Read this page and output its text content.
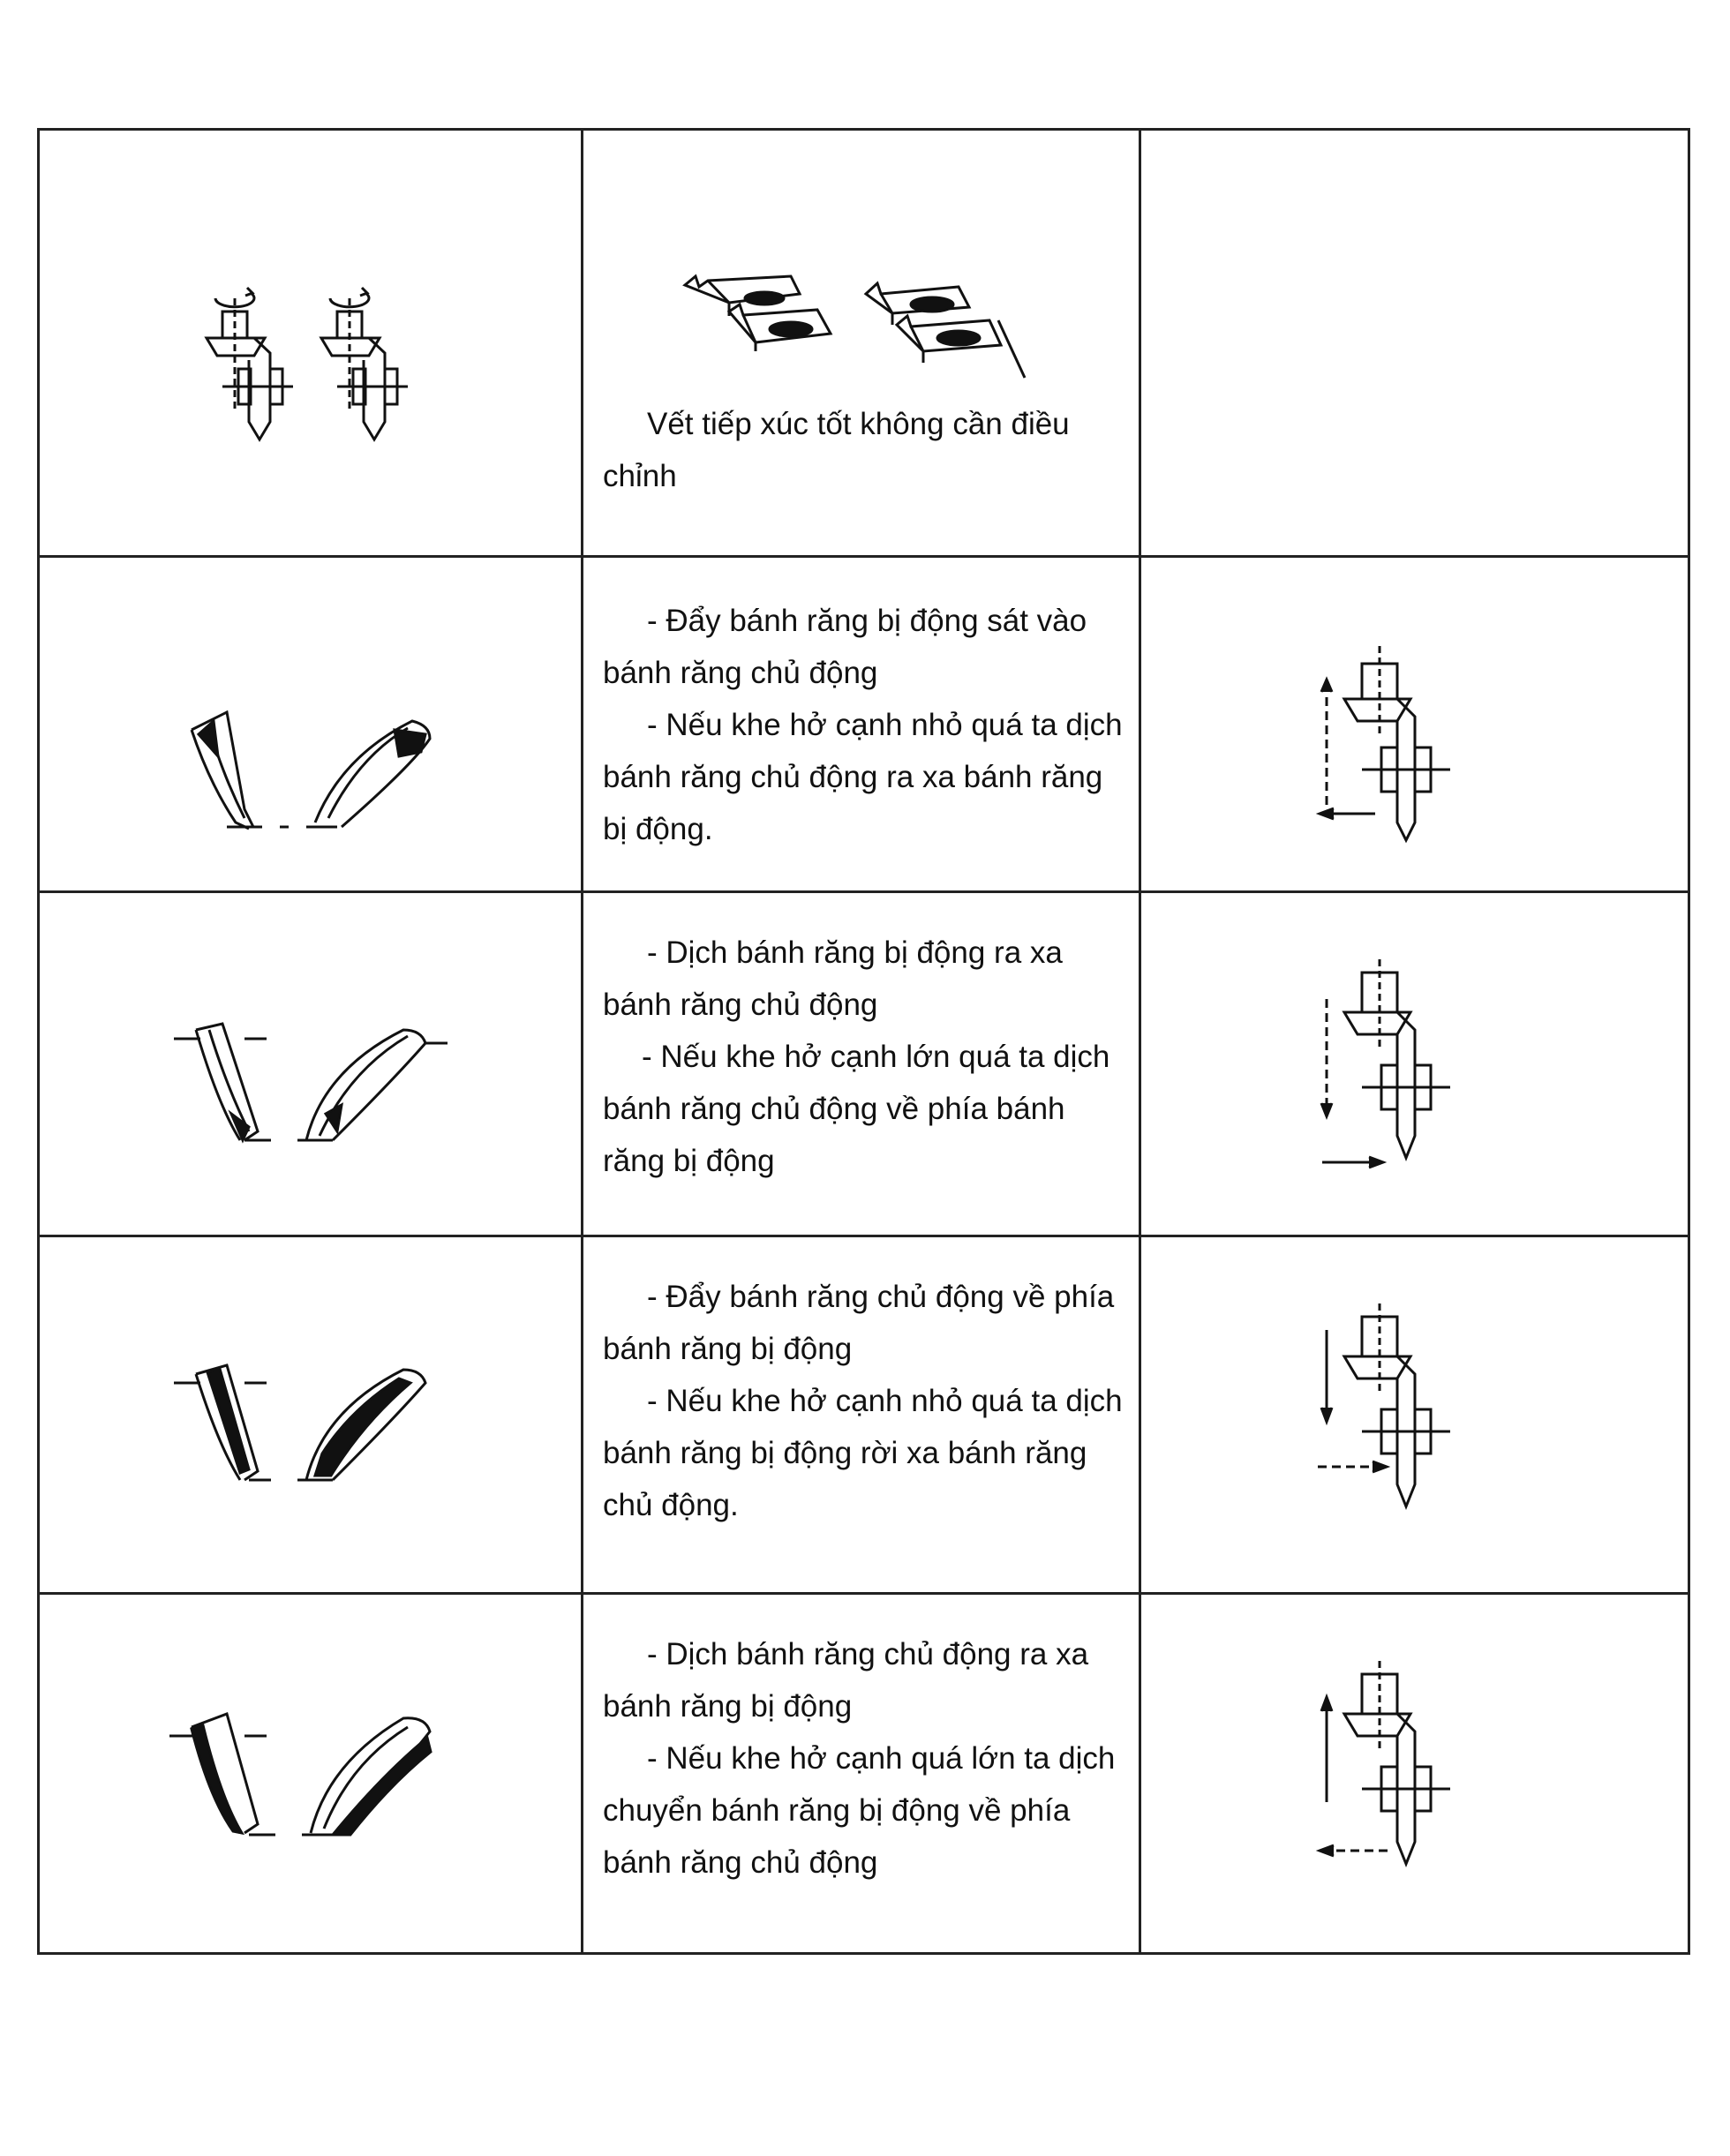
Vết tiếp xúc tốt không cần điều chỉnh	

- Đẩy bánh răng bị động sát vào bánh răng chủ động

- Nếu khe hở cạnh nhỏ quá ta dịch bánh răng chủ động ra xa bánh răng bị động.

- Dịch bánh răng bị động ra xa bánh răng chủ động

- Nếu khe hở cạnh lớn quá ta dịch bánh răng chủ động về phía bánh răng bị động

- Đẩy bánh răng chủ động về phía bánh răng bị động

- Nếu khe hở cạnh nhỏ quá ta dịch bánh răng bị động rời xa bánh răng chủ động.

- Dịch bánh răng chủ động ra xa bánh răng bị động

- Nếu khe hở cạnh quá lớn ta dịch chuyển bánh răng bị động về phía bánh răng chủ động
